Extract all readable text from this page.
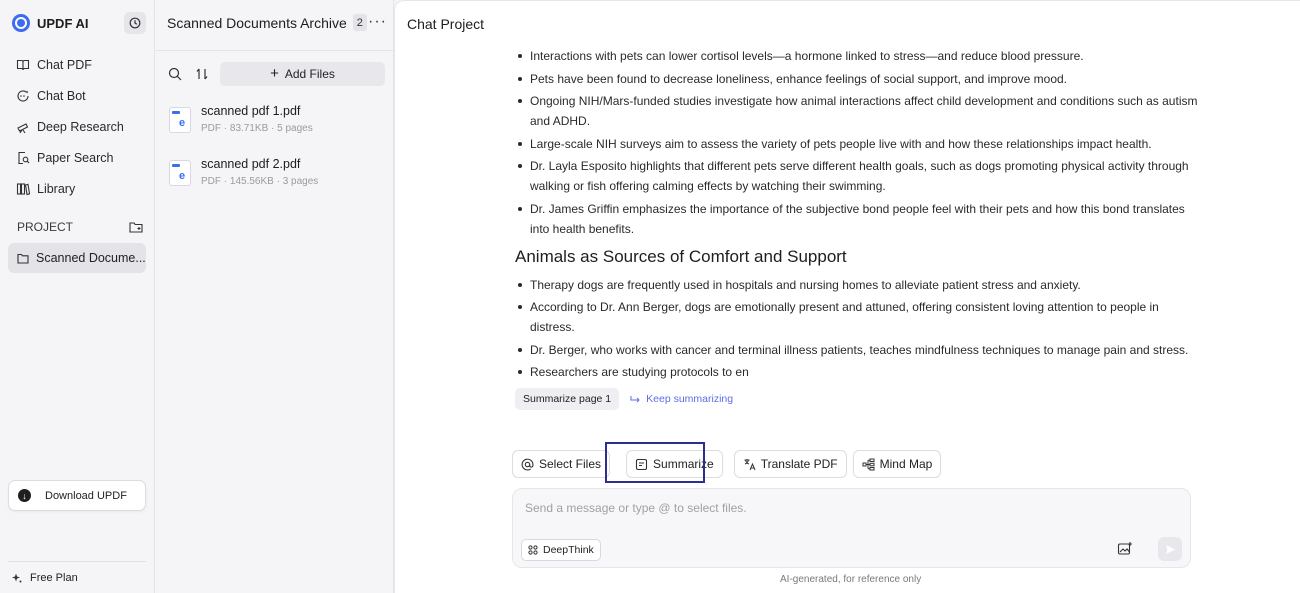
UPDF AI
Chat PDF
Chat Bot
Deep Research
Paper Search
Library
PROJECT
Scanned Docume...
↓	Download UPDF
Free Plan
Scanned Documents Archive 2 ···
+ Add Files
e
scanned pdf 1.pdf
PDF · 83.71KB · 5 pages
e
scanned pdf 2.pdf
PDF · 145.56KB · 3 pages
Chat Project
Interactions with pets can lower cortisol levels—a hormone linked to stress—and reduce blood pressure.
Pets have been found to decrease loneliness, enhance feelings of social support, and improve mood.
Ongoing NIH/Mars-funded studies investigate how animal interactions affect child development and conditions such as autism and ADHD.
Large-scale NIH surveys aim to assess the variety of pets people live with and how these relationships impact health.
Dr. Layla Esposito highlights that different pets serve different health goals, such as dogs promoting physical activity through walking or fish offering calming effects by watching their swimming.
Dr. James Griffin emphasizes the importance of the subjective bond people feel with their pets and how this bond translates into health benefits.
Animals as Sources of Comfort and Support
Therapy dogs are frequently used in hospitals and nursing homes to alleviate patient stress and anxiety.
According to Dr. Ann Berger, dogs are emotionally present and attuned, offering consistent loving attention to people in distress.
Dr. Berger, who works with cancer and terminal illness patients, teaches mindfulness techniques to manage pain and stress.
Researchers are studying protocols to en
Summarize page 1	Keep summarizing
Select Files	Summarize	Translate PDF	Mind Map
Send a message or type @ to select files.
DeepThink
AI-generated, for reference only
